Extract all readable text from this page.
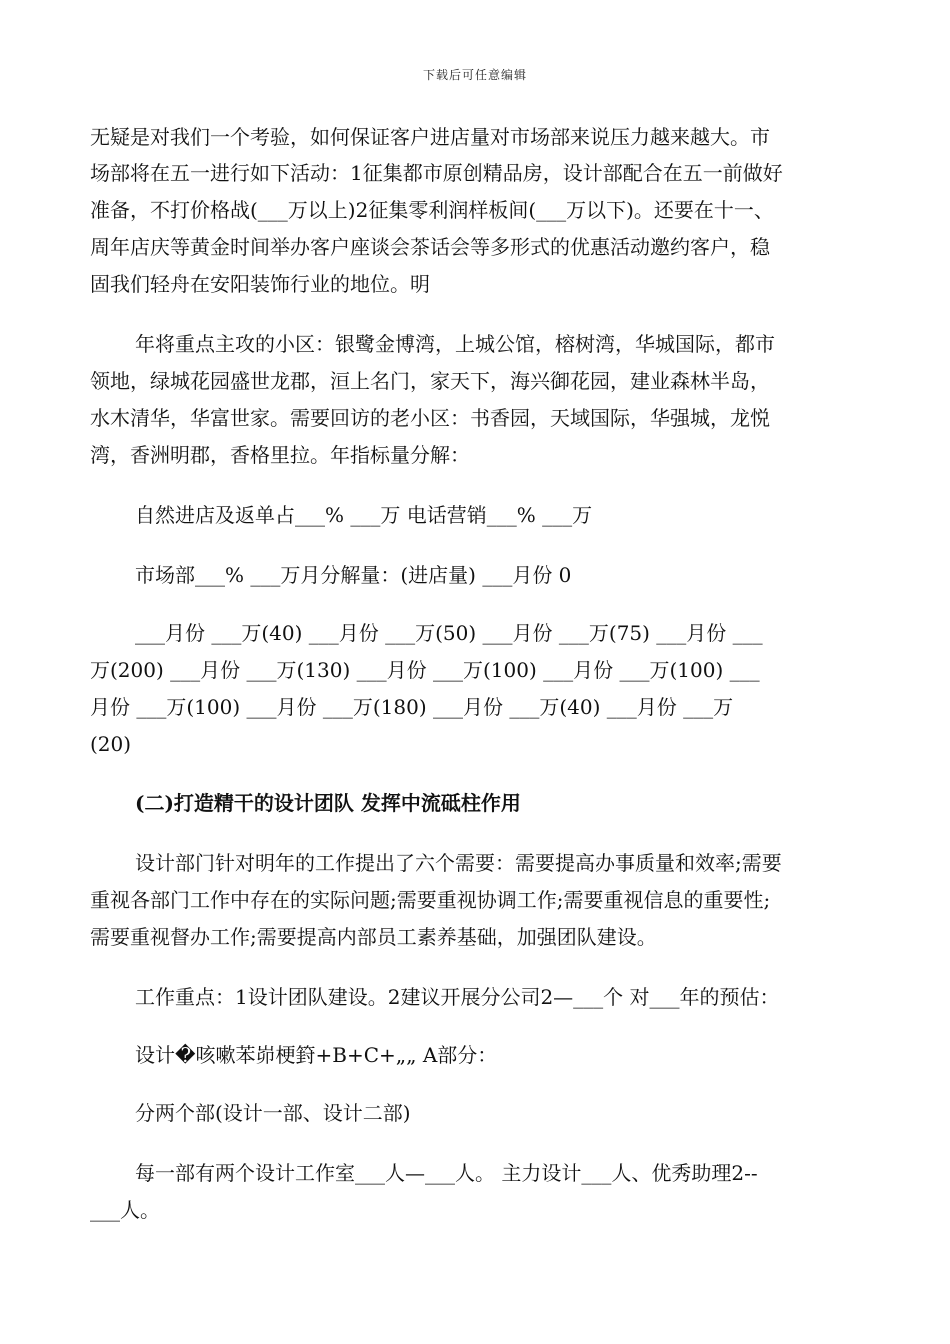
下载后可任意编辑
无疑是对我们一个考验，如何保证客户进店量对市场部来说压力越来越大。市
场部将在五一进行如下活动：1征集都市原创精品房，设计部配合在五一前做好
准备，不打价格战(___万以上)2征集零利润样板间(___万以下)。还要在十一、
周年店庆等黄金时间举办客户座谈会茶话会等多形式的优惠活动邀约客户，稳
固我们轻舟在安阳装饰行业的地位。明
年将重点主攻的小区：银鹭金博湾，上城公馆，榕树湾，华城国际，都市
领地，绿城花园盛世龙郡，洹上名门，家天下，海兴御花园，建业森林半岛，
水木清华，华富世家。需要回访的老小区：书香园，天域国际，华强城，龙悦
湾，香洲明郡，香格里拉。年指标量分解：
自然进店及返单占___% ___万 电话营销___% ___万
市场部___% ___万月分解量：(进店量) ___月份 0
___月份 ___万(40) ___月份 ___万(50) ___月份 ___万(75) ___月份 ___
万(200) ___月份 ___万(130) ___月份 ___万(100) ___月份 ___万(100) ___
月份 ___万(100) ___月份 ___万(180) ___月份 ___万(40) ___月份 ___万
(20)
(二)打造精干的设计团队 发挥中流砥柱作用
设计部门针对明年的工作提出了六个需要：需要提高办事质量和效率;需要
重视各部门工作中存在的实际问题;需要重视协调工作;需要重视信息的重要性;
需要重视督办工作;需要提高内部员工素养基础，加强团队建设。
工作重点：1设计团队建设。2建议开展分公司2—___个 对___年的预估：
设计�咳嗽苯峁梗篈+B+C+„„ A部分：
分两个部(设计一部、设计二部)
每一部有两个设计工作室___人—___人。 主力设计___人、优秀助理2--
___人。
